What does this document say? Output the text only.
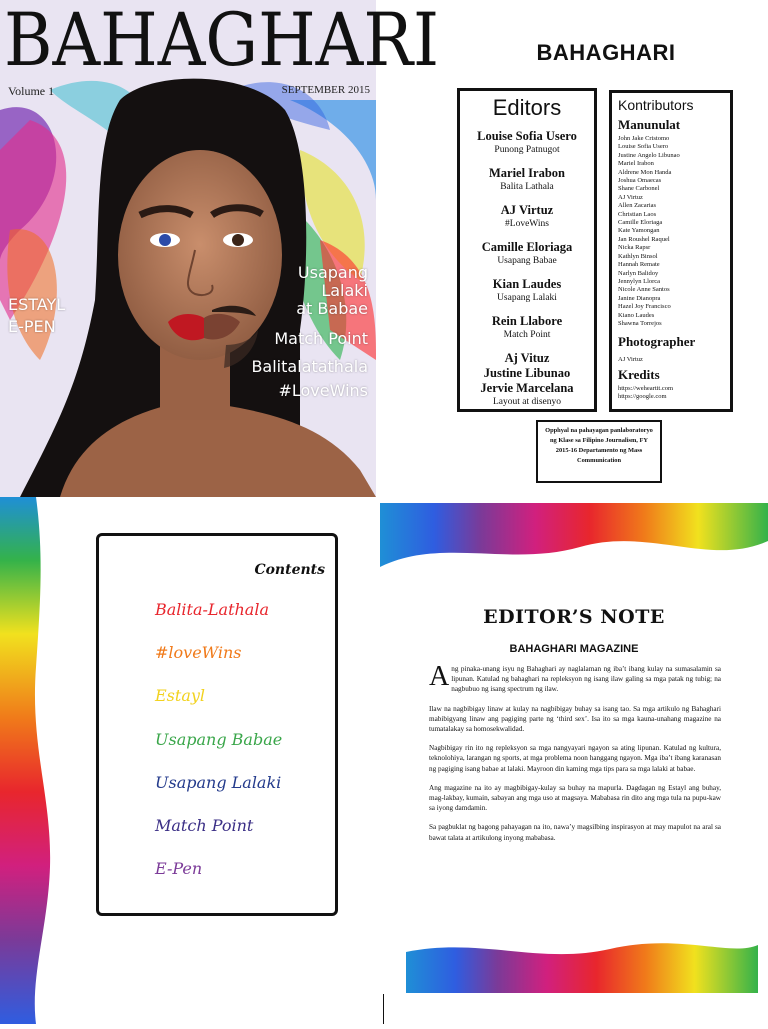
BAHAGHARI
Volume 1	SEPTEMBER 2015
ESTAYL
E-PEN
Usapang
Lalaki
at Babae
Match Point
Balitalatathala
#LoveWins
BAHAGHARI
Editors
Louise Sofia Usero
Punong Patnugot
Mariel Irabon
Balita Lathala
AJ Virtuz
#LoveWins
Camille Eloriaga
Usapang Babae
Kian Laudes
Usapang Lalaki
Rein Llabore
Match Point
Aj Vituz
Justine Libunao
Jervie Marcelana
Layout at disenyo
Kontributors
Manunulat
John Jake Cristomo
Louise Sofia Usero
Justine Angelo Libunao
Mariel Irabon
Aldrene Mon Handa
Joshua Omaecas
Shane Carbonel
AJ Virtuz
Allen Zacarias
Christian Laos
Camille Eloriaga
Kate Yamongan
Jan Roushel Raquel
Nicka Rapsr
Kathlyn Binsol
Hannah Remate
Narlyn Balidoy
Jennylyn Llorca
Nicole Anne Santos
Janine Dianopra
Hazel Joy Francisco
Kiano Laudes
Shawna Torrejos
Photographer
AJ Virtuz
Kredits
https://weheartit.com
https://google.com
Opphyal na pahayagan panlaboratoryo ng Klase sa Filipino Journalism, FY 2015-16 Departamento ng Mass Communication
Contents
Balita-Lathala
#loveWins
Estayl
Usapang Babae
Usapang Lalaki
Match Point
E-Pen
EDITOR’S NOTE
BAHAGHARI MAGAZINE

Ang pinaka-unang isyu ng Bahaghari ay naglalaman ng iba’t ibang kulay na sumasalamin sa lipunan. Katulad ng bahaghari na repleksyon ng isang ilaw galing sa mga patak ng tubig; na nagbubuo ng isang spectrum ng ilaw.

Ilaw na nagbibigay linaw at kulay na nagbibigay buhay sa isang tao. Sa mga artikulo ng Bahaghari mabibigyang linaw ang pagiging parte ng ‘third sex’. Isa ito sa mga kauna-unahang magazine na tumatalakay sa homosekwalidad.

Nagbibigay rin ito ng repleksyon sa mga nangyayari ngayon sa ating lipunan. Katulad ng kultura, teknolohiya, larangan ng sports, at mga problema noon hanggang ngayon. Mga iba’t ibang karanasan ng pagiging isang babae at lalaki. Mayroon din kaming mga tips para sa mga lalaki at babae.

Ang magazine na ito ay magbibigay-kulay sa buhay na mapurla. Dagdagan ng Estayl ang buhay, mag-lakbay, kumain, sabayan ang mga uso at magsaya. Mababasa rin dito ang mga tula na pupu-kaw sa iyong damdamin.

Sa pagbuklat ng bagong pahayagan na ito, nawa’y magsilbing inspirasyon at may mapulot na aral sa bawat talata at artikulong inyong mababasa.
